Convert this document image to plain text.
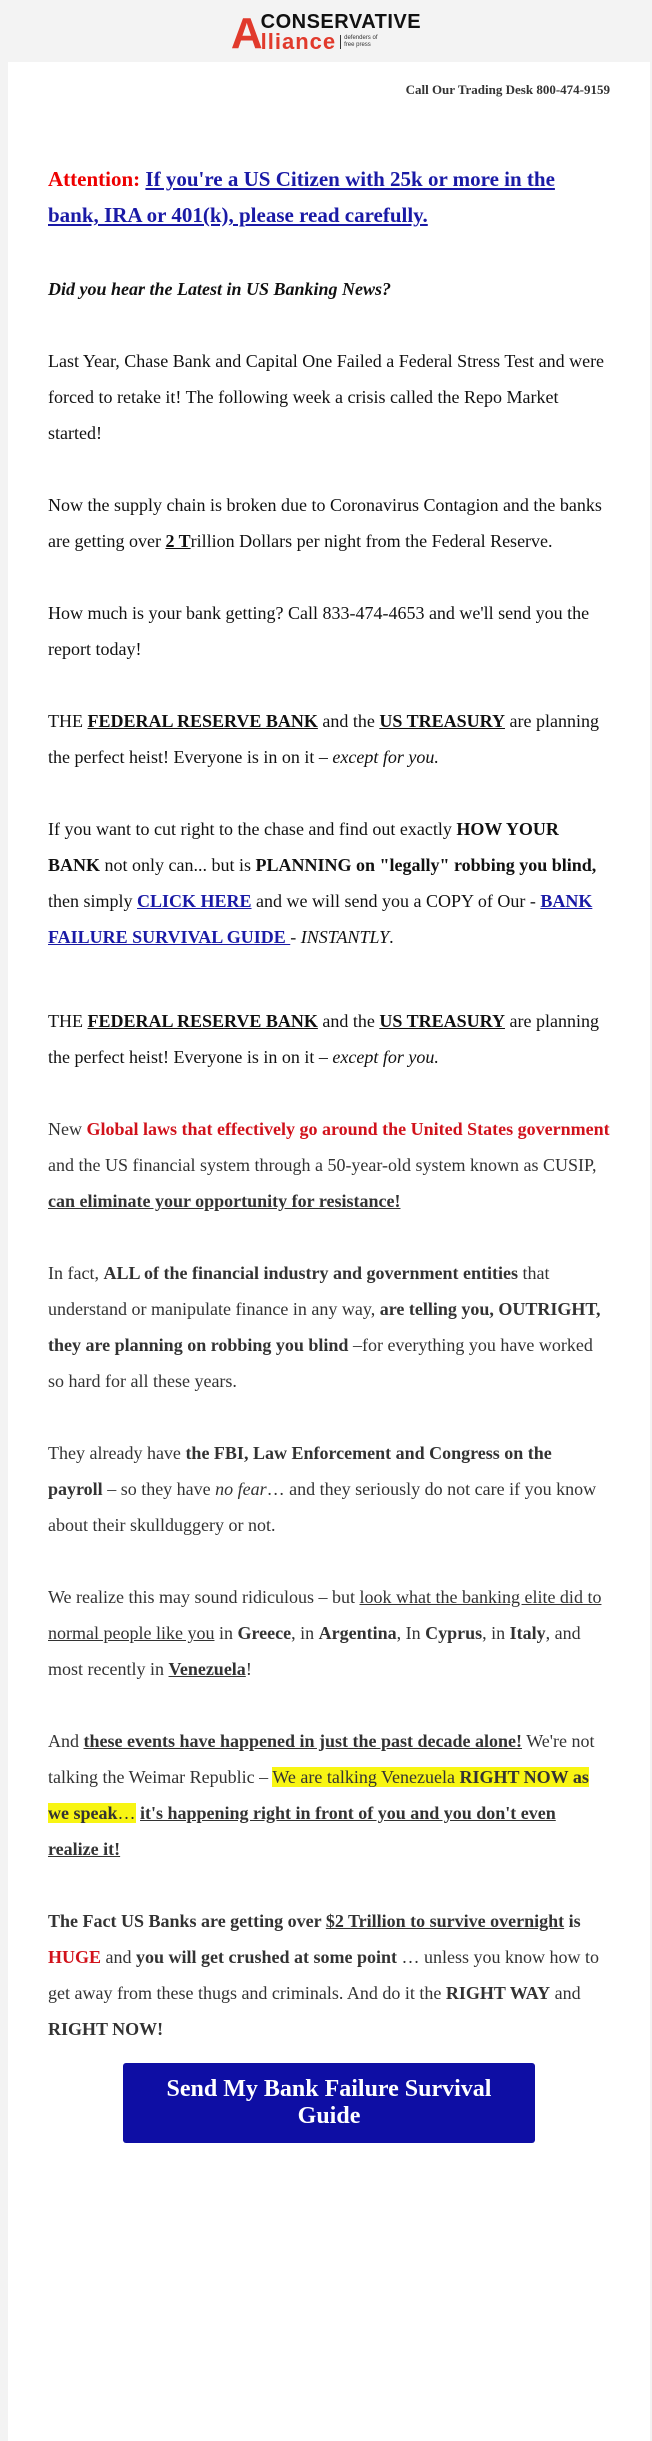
A
CONSERVATIVE
lliance	defenders of free press
Call Our Trading Desk 800-474-9159

Attention: If you're a US Citizen with 25k or more in the bank, IRA or 401(k), please read carefully.

Did you hear the Latest in US Banking News?

Last Year, Chase Bank and Capital One Failed a Federal Stress Test and were forced to retake it! The following week a crisis called the Repo Market started!

Now the supply chain is broken due to Coronavirus Contagion and the banks are getting over 2 Trillion Dollars per night from the Federal Reserve.

How much is your bank getting? Call 833-474-4653 and we'll send you the report today!

THE FEDERAL RESERVE BANK and the US TREASURY are planning the perfect heist! Everyone is in on it – except for you.

If you want to cut right to the chase and find out exactly HOW YOUR BANK not only can... but is PLANNING on "legally" robbing you blind, then simply CLICK HERE and we will send you a COPY of Our - BANK FAILURE SURVIVAL GUIDE - INSTANTLY.

THE FEDERAL RESERVE BANK and the US TREASURY are planning the perfect heist! Everyone is in on it – except for you.

New Global laws that effectively go around the United States government and the US financial system through a 50-year-old system known as CUSIP, can eliminate your opportunity for resistance!

In fact, ALL of the financial industry and government entities that understand or manipulate finance in any way, are telling you, OUTRIGHT, they are planning on robbing you blind –for everything you have worked so hard for all these years.

They already have the FBI, Law Enforcement and Congress on the payroll – so they have no fear… and they seriously do not care if you know about their skullduggery or not.

We realize this may sound ridiculous – but look what the banking elite did to normal people like you in Greece, in Argentina, In Cyprus, in Italy, and most recently in Venezuela!

And these events have happened in just the past decade alone! We're not talking the Weimar Republic – We are talking Venezuela RIGHT NOW as we speak… it's happening right in front of you and you don't even realize it!

The Fact US Banks are getting over $2 Trillion to survive overnight is HUGE and you will get crushed at some point … unless you know how to get away from these thugs and criminals. And do it the RIGHT WAY and RIGHT NOW!

Send My Bank Failure Survival Guide
